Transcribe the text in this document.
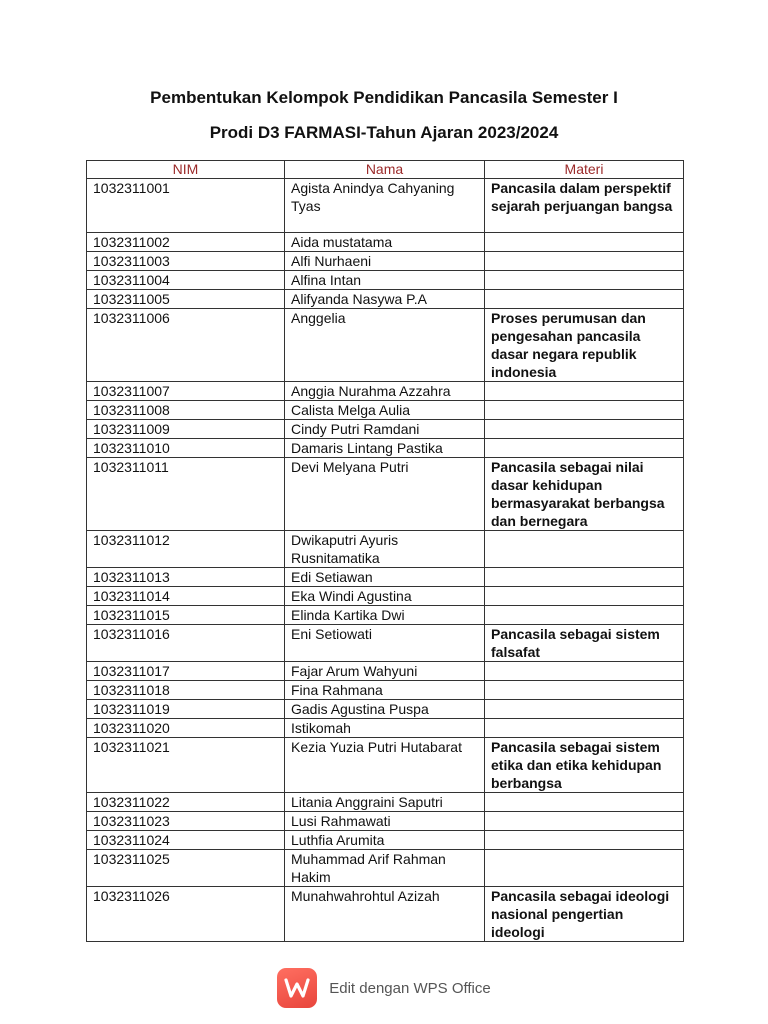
Pembentukan Kelompok Pendidikan Pancasila Semester I
Prodi D3 FARMASI-Tahun Ajaran 2023/2024
NIM	Nama	Materi
1032311001	Agista Anindya Cahyaning Tyas	Pancasila dalam perspektif sejarah perjuangan bangsa
1032311002	Aida mustatama	
1032311003	Alfi Nurhaeni	
1032311004	Alfina Intan	
1032311005	Alifyanda Nasywa P.A	
1032311006	Anggelia	Proses perumusan dan pengesahan pancasila dasar negara republik indonesia
1032311007	Anggia Nurahma Azzahra	
1032311008	Calista Melga Aulia	
1032311009	Cindy Putri Ramdani	
1032311010	Damaris Lintang Pastika	
1032311011	Devi Melyana Putri	Pancasila sebagai nilai dasar kehidupan bermasyarakat berbangsa dan bernegara
1032311012	Dwikaputri Ayuris Rusnitamatika	
1032311013	Edi Setiawan	
1032311014	Eka Windi Agustina	
1032311015	Elinda Kartika Dwi	
1032311016	Eni Setiowati	Pancasila sebagai sistem falsafat
1032311017	Fajar Arum Wahyuni	
1032311018	Fina Rahmana	
1032311019	Gadis Agustina Puspa	
1032311020	Istikomah	
1032311021	Kezia Yuzia Putri Hutabarat	Pancasila sebagai sistem etika dan etika kehidupan berbangsa
1032311022	Litania Anggraini Saputri	
1032311023	Lusi Rahmawati	
1032311024	Luthfia Arumita	
1032311025	Muhammad Arif Rahman Hakim	
1032311026	Munahwahrohtul Azizah	Pancasila sebagai ideologi nasional pengertian ideologi
Edit dengan WPS Office
